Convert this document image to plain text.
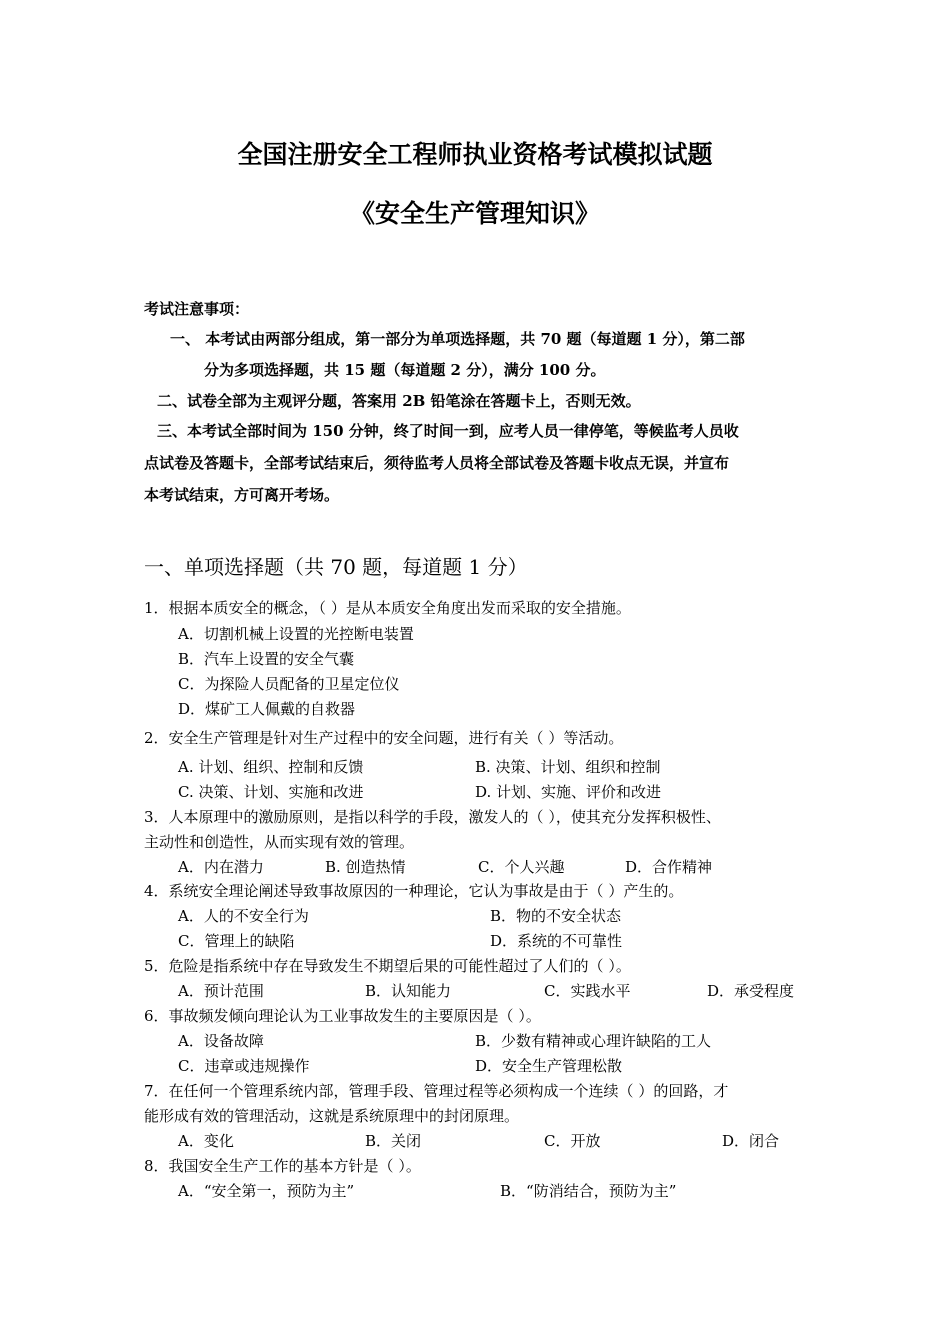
全国注册安全工程师执业资格考试模拟试题
《安全生产管理知识》
考试注意事项：
一、 本考试由两部分组成，第一部分为单项选择题，共 70 题（每道题 1 分），第二部
分为多项选择题，共 15 题（每道题 2 分），满分 100 分。
二、试卷全部为主观评分题，答案用 2B 铅笔涂在答题卡上，否则无效。
三、本考试全部时间为 150 分钟，终了时间一到，应考人员一律停笔，等候监考人员收
点试卷及答题卡，全部考试结束后，须待监考人员将全部试卷及答题卡收点无误，并宣布
本考试结束，方可离开考场。
一、单项选择题（共 70 题，每道题 1 分）
1．根据本质安全的概念，（ ）是从本质安全角度出发而采取的安全措施。
A．切割机械上设置的光控断电装置
B．汽车上设置的安全气囊
C．为探险人员配备的卫星定位仪
D．煤矿工人佩戴的自救器
2．安全生产管理是针对生产过程中的安全问题，进行有关（ ）等活动。
A. 计划、组织、控制和反馈	B. 决策、计划、组织和控制
C. 决策、计划、实施和改进	D. 计划、实施、评价和改进
3．人本原理中的激励原则，是指以科学的手段，激发人的（ ），使其充分发挥积极性、
主动性和创造性，从而实现有效的管理。
A．内在潜力	B. 创造热情	C．个人兴趣	D．合作精神
4．系统安全理论阐述导致事故原因的一种理论，它认为事故是由于（ ）产生的。
A．人的不安全行为	B．物的不安全状态
C．管理上的缺陷	D．系统的不可靠性
5．危险是指系统中存在导致发生不期望后果的可能性超过了人们的（ ）。
A．预计范围	B．认知能力	C．实践水平	D．承受程度
6．事故频发倾向理论认为工业事故发生的主要原因是（ ）。
A．设备故障	B．少数有精神或心理许缺陷的工人
C．违章或违规操作	D．安全生产管理松散
7．在任何一个管理系统内部，管理手段、管理过程等必须构成一个连续（ ）的回路，才
能形成有效的管理活动，这就是系统原理中的封闭原理。
A．变化	B．关闭	C．开放	D．闭合
8．我国安全生产工作的基本方针是（ ）。
A．“安全第一，预防为主”	B．“防消结合，预防为主”
